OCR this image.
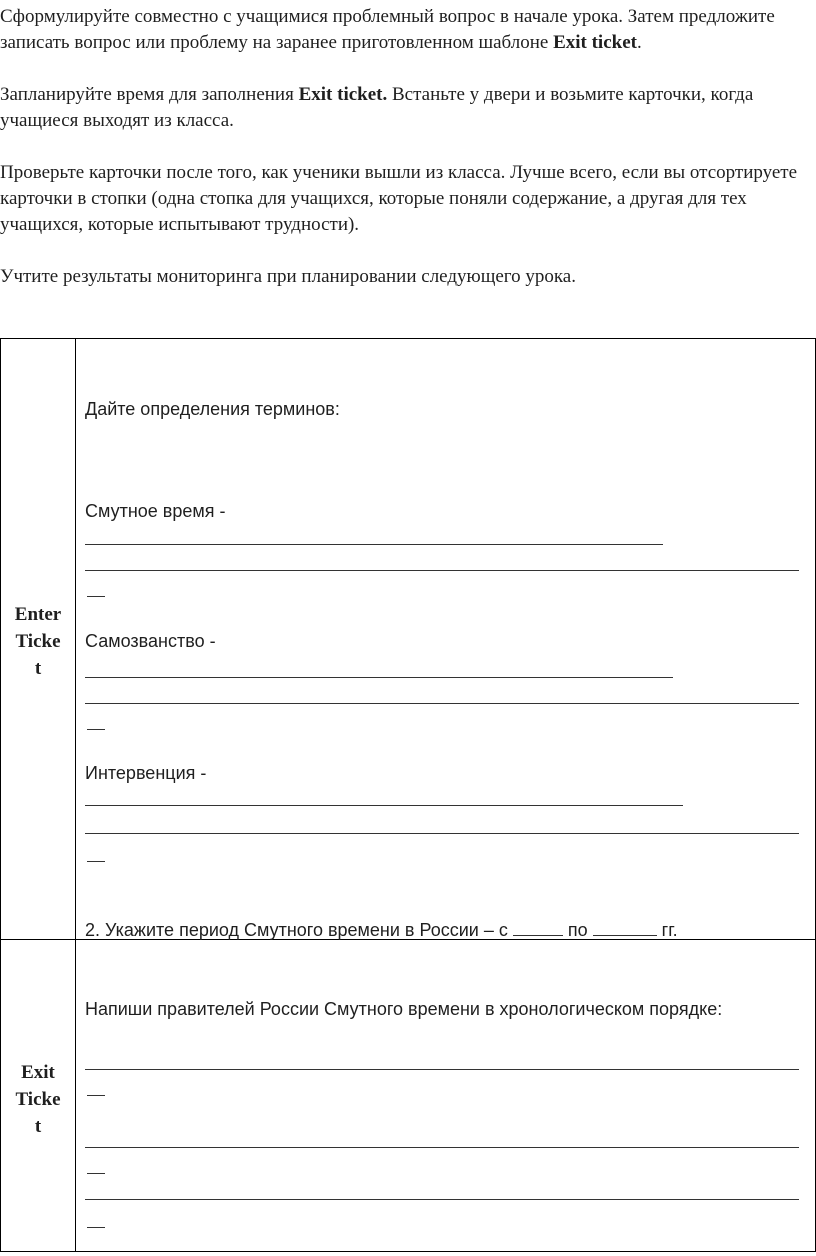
Сформулируйте совместно с учащимися проблемный вопрос в начале урока. Затем предложите записать вопрос или проблему на заранее приготовленном шаблоне Exit ticket.

Запланируйте время для заполнения Exit ticket. Встаньте у двери и возьмите карточки, когда учащиеся выходят из класса.

Проверьте карточки после того, как ученики вышли из класса. Лучше всего, если вы отсортируете карточки в стопки (одна стопка для учащихся, которые поняли содержание, а другая для тех учащихся, которые испытывают трудности).

Учтите результаты мониторинга при планировании следующего урока.

Enter
Ticke
t
Дайте определения терминов:
Смутное время -
Самозванство -
Интервенция -
2. Укажите период Смутного времени в России – с	по	гг.
Exit
Ticke
t
Напиши правителей России Смутного времени в хронологическом порядке:
